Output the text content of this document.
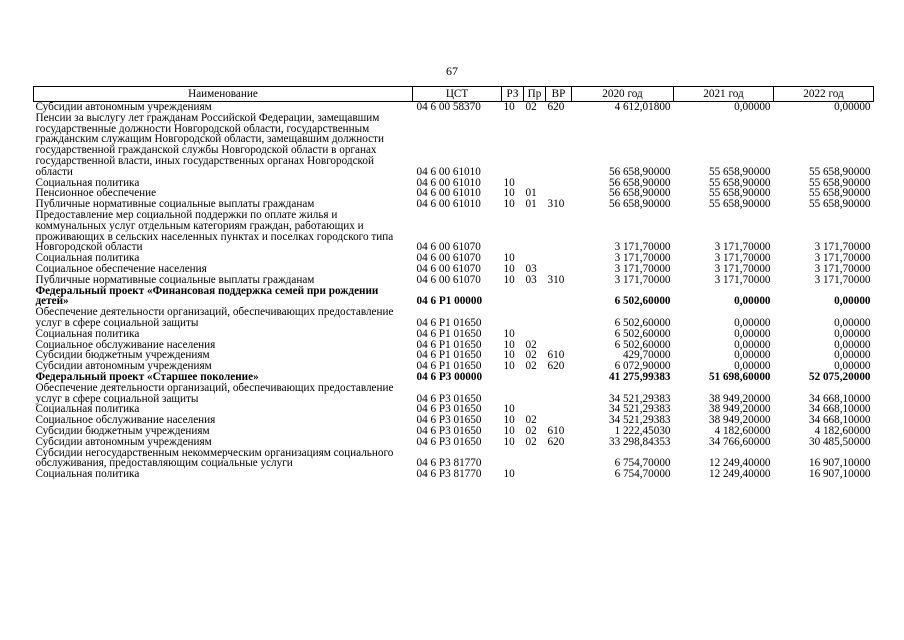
67
Наименование	ЦСТ	РЗ	Пр	ВР	2020 год	2021 год	2022 год
Субсидии автономным учреждениям	04 6 00 58370	10	02	620	4 612,01800	0,00000	0,00000
Пенсии за выслугу лет гражданам Российской Федерации, замещавшим государственные должности Новгородской области, государственным гражданским служащим Новгородской области, замещавшим должности государственной гражданской службы Новгородской области в органах государственной власти, иных государственных органах Новгородской области	04 6 00 61010				56 658,90000	55 658,90000	55 658,90000
Социальная политика	04 6 00 61010	10			56 658,90000	55 658,90000	55 658,90000
Пенсионное обеспечение	04 6 00 61010	10	01		56 658,90000	55 658,90000	55 658,90000
Публичные нормативные социальные выплаты гражданам	04 6 00 61010	10	01	310	56 658,90000	55 658,90000	55 658,90000
Предоставление мер социальной поддержки по оплате жилья и коммунальных услуг отдельным категориям граждан, работающих и проживающих в сельских населенных пунктах и поселках городского типа Новгородской области	04 6 00 61070				3 171,70000	3 171,70000	3 171,70000
Социальная политика	04 6 00 61070	10			3 171,70000	3 171,70000	3 171,70000
Социальное обеспечение населения	04 6 00 61070	10	03		3 171,70000	3 171,70000	3 171,70000
Публичные нормативные социальные выплаты гражданам	04 6 00 61070	10	03	310	3 171,70000	3 171,70000	3 171,70000
Федеральный проект «Финансовая поддержка семей при рождении детей»	04 6 P1 00000				6 502,60000	0,00000	0,00000
Обеспечение деятельности организаций, обеспечивающих предоставление услуг в сфере социальной защиты	04 6 P1 01650				6 502,60000	0,00000	0,00000
Социальная политика	04 6 P1 01650	10			6 502,60000	0,00000	0,00000
Социальное обслуживание населения	04 6 P1 01650	10	02		6 502,60000	0,00000	0,00000
Субсидии бюджетным учреждениям	04 6 P1 01650	10	02	610	429,70000	0,00000	0,00000
Субсидии автономным учреждениям	04 6 P1 01650	10	02	620	6 072,90000	0,00000	0,00000
Федеральный проект «Старшее поколение»	04 6 P3 00000				41 275,99383	51 698,60000	52 075,20000
Обеспечение деятельности организаций, обеспечивающих предоставление услуг в сфере социальной защиты	04 6 P3 01650				34 521,29383	38 949,20000	34 668,10000
Социальная политика	04 6 P3 01650	10			34 521,29383	38 949,20000	34 668,10000
Социальное обслуживание населения	04 6 P3 01650	10	02		34 521,29383	38 949,20000	34 668,10000
Субсидии бюджетным учреждениям	04 6 P3 01650	10	02	610	1 222,45030	4 182,60000	4 182,60000
Субсидии автономным учреждениям	04 6 P3 01650	10	02	620	33 298,84353	34 766,60000	30 485,50000
Субсидии негосударственным некоммерческим организациям социального обслуживания, предоставляющим социальные услуги	04 6 P3 81770				6 754,70000	12 249,40000	16 907,10000
Социальная политика	04 6 P3 81770	10			6 754,70000	12 249,40000	16 907,10000
